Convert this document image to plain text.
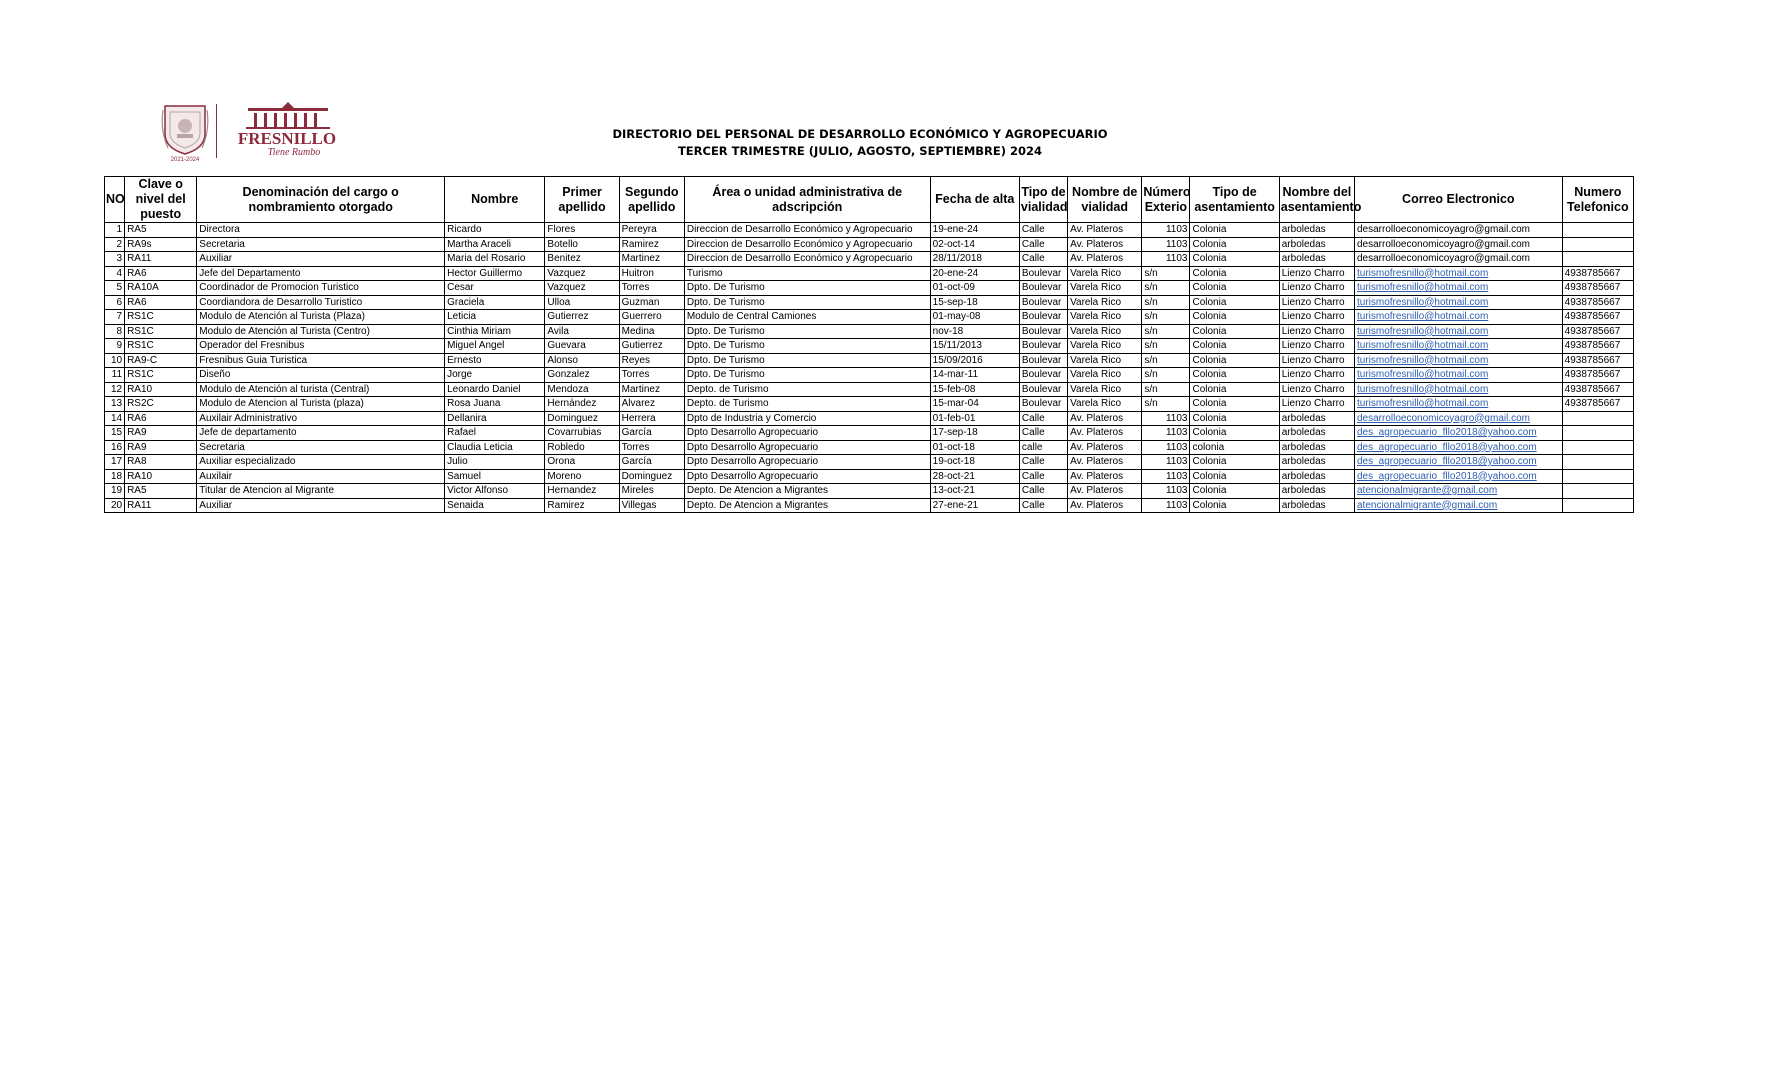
2021-2024
FRESNILLO
Tiene Rumbo
DIRECTORIO DEL PERSONAL DE DESARROLLO ECONÓMICO Y AGROPECUARIO
TERCER TRIMESTRE (JULIO, AGOSTO, SEPTIEMBRE) 2024
NO	Clave o nivel del puesto	Denominación del cargo o nombramiento otorgado	Nombre	Primer apellido	Segundo apellido	Área o unidad administrativa de adscripción	Fecha de alta	Tipo de vialidad	Nombre de vialidad	Número Exterio	Tipo de asentamiento	Nombre del asentamiento	Correo Electronico	Numero Telefonico
1	RA5	Directora	Ricardo	Flores	Pereyra	Direccion de Desarrollo Económico y Agropecuario	19-ene-24	Calle	Av. Plateros	1103	Colonia	arboledas	desarrolloeconomicoyagro@gmail.com	
2	RA9s	Secretaria	Martha Araceli	Botello	Ramirez	Direccion de Desarrollo Económico y Agropecuario	02-oct-14	Calle	Av. Plateros	1103	Colonia	arboledas	desarrolloeconomicoyagro@gmail.com	
3	RA11	Auxiliar	Maria del Rosario	Benitez	Martinez	Direccion de Desarrollo Económico y Agropecuario	28/11/2018	Calle	Av. Plateros	1103	Colonia	arboledas	desarrolloeconomicoyagro@gmail.com	
4	RA6	Jefe del Departamento	Hector Guillermo	Vazquez	Huitron	Turismo	20-ene-24	Boulevar	Varela Rico	s/n	Colonia	Lienzo Charro	turismofresnillo@hotmail.com	4938785667
5	RA10A	Coordinador de Promocion Turistico	Cesar	Vazquez	Torres	Dpto. De Turismo	01-oct-09	Boulevar	Varela Rico	s/n	Colonia	Lienzo Charro	turismofresnillo@hotmail.com	4938785667
6	RA6	Coordiandora de Desarrollo Turistico	Graciela	Ulloa	Guzman	Dpto. De Turismo	15-sep-18	Boulevar	Varela Rico	s/n	Colonia	Lienzo Charro	turismofresnillo@hotmail.com	4938785667
7	RS1C	Modulo de Atención al Turista (Plaza)	Leticia	Gutierrez	Guerrero	Modulo de Central Camiones	01-may-08	Boulevar	Varela Rico	s/n	Colonia	Lienzo Charro	turismofresnillo@hotmail.com	4938785667
8	RS1C	Modulo de Atención al Turista (Centro)	Cinthia Miriam	Avila	Medina	Dpto. De Turismo	nov-18	Boulevar	Varela Rico	s/n	Colonia	Lienzo Charro	turismofresnillo@hotmail.com	4938785667
9	RS1C	Operador del Fresnibus	Miguel Angel	Guevara	Gutierrez	Dpto. De Turismo	15/11/2013	Boulevar	Varela Rico	s/n	Colonia	Lienzo Charro	turismofresnillo@hotmail.com	4938785667
10	RA9-C	Fresnibus Guia Turistica	Ernesto	Alonso	Reyes	Dpto. De Turismo	15/09/2016	Boulevar	Varela Rico	s/n	Colonia	Lienzo Charro	turismofresnillo@hotmail.com	4938785667
11	RS1C	Diseño	Jorge	Gonzalez	Torres	Dpto. De Turismo	14-mar-11	Boulevar	Varela Rico	s/n	Colonia	Lienzo Charro	turismofresnillo@hotmail.com	4938785667
12	RA10	Modulo de Atención al turista (Central)	Leonardo Daniel	Mendoza	Martinez	Depto. de Turismo	15-feb-08	Boulevar	Varela Rico	s/n	Colonia	Lienzo Charro	turismofresnillo@hotmail.com	4938785667
13	RS2C	Modulo de Atencion al Turista (plaza)	Rosa Juana	Hernández	Alvarez	Depto. de Turismo	15-mar-04	Boulevar	Varela Rico	s/n	Colonia	Lienzo Charro	turismofresnillo@hotmail.com	4938785667
14	RA6	Auxilair Administrativo	Dellanira	Dominguez	Herrera	Dpto de Industria y Comercio	01-feb-01	Calle	Av. Plateros	1103	Colonia	arboledas	desarrolloeconomicoyagro@gmail.com	
15	RA9	Jefe de departamento	Rafael	Covarrubias	García	Dpto Desarrollo Agropecuario	17-sep-18	Calle	Av. Plateros	1103	Colonia	arboledas	des_agropecuario_fllo2018@yahoo.com	
16	RA9	Secretaria	Claudia Leticia	Robledo	Torres	Dpto Desarrollo Agropecuario	01-oct-18	calle	Av. Plateros	1103	colonia	arboledas	des_agropecuario_fllo2018@yahoo.com	
17	RA8	Auxiliar especializado	Julio	Orona	García	Dpto Desarrollo Agropecuario	19-oct-18	Calle	Av. Plateros	1103	Colonia	arboledas	des_agropecuario_fllo2018@yahoo.com	
18	RA10	Auxilair	Samuel	Moreno	Dominguez	Dpto Desarrollo Agropecuario	28-oct-21	Calle	Av. Plateros	1103	Colonia	arboledas	des_agropecuario_fllo2018@yahoo.com	
19	RA5	Titular de Atencion al Migrante	Victor Alfonso	Hernandez	Mireles	Depto. De Atencion a Migrantes	13-oct-21	Calle	Av. Plateros	1103	Colonia	arboledas	atencionalmigrante@gmail.com	
20	RA11	Auxiliar	Senaida	Ramirez	Villegas	Depto. De Atencion a Migrantes	27-ene-21	Calle	Av. Plateros	1103	Colonia	arboledas	atencionalmigrante@gmail.com	
